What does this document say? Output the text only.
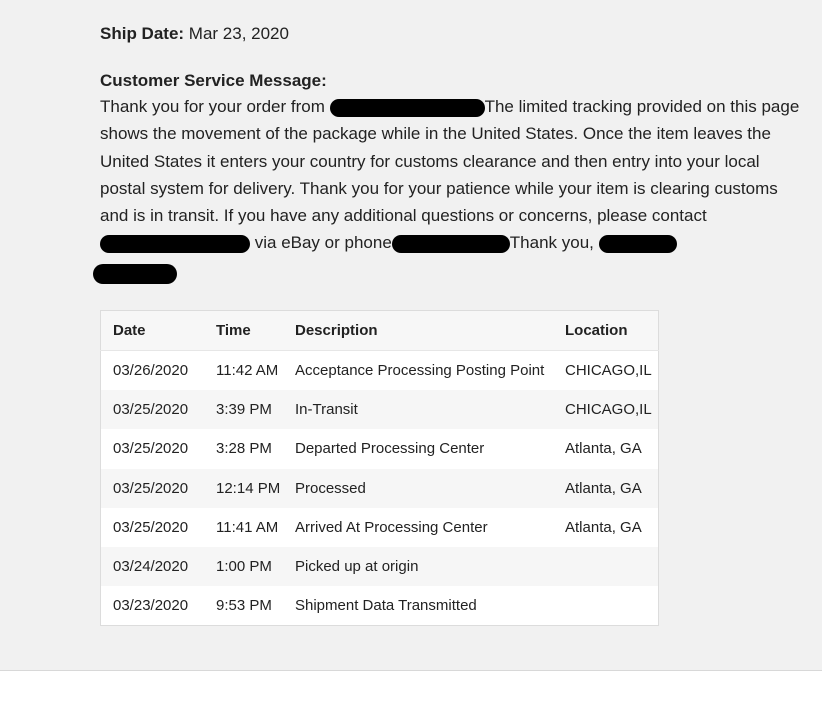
Ship Date: Mar 23, 2020

Customer Service Message:

Thank you for your order from	The limited tracking provided on this page shows the movement of the package while in the United States. Once the item leaves the United States it enters your country for customs clearance and then entry into your local postal system for delivery. Thank you for your patience while your item is clearing customs and is in transit. If you have any additional questions or concerns, please contact via eBay or phone	Thank you,

Date	Time	Description	Location
03/26/2020	11:42 AM	Acceptance Processing Posting Point	CHICAGO,IL
03/25/2020	3:39 PM	In-Transit	CHICAGO,IL
03/25/2020	3:28 PM	Departed Processing Center	Atlanta, GA
03/25/2020	12:14 PM	Processed	Atlanta, GA
03/25/2020	11:41 AM	Arrived At Processing Center	Atlanta, GA
03/24/2020	1:00 PM	Picked up at origin	
03/23/2020	9:53 PM	Shipment Data Transmitted	
